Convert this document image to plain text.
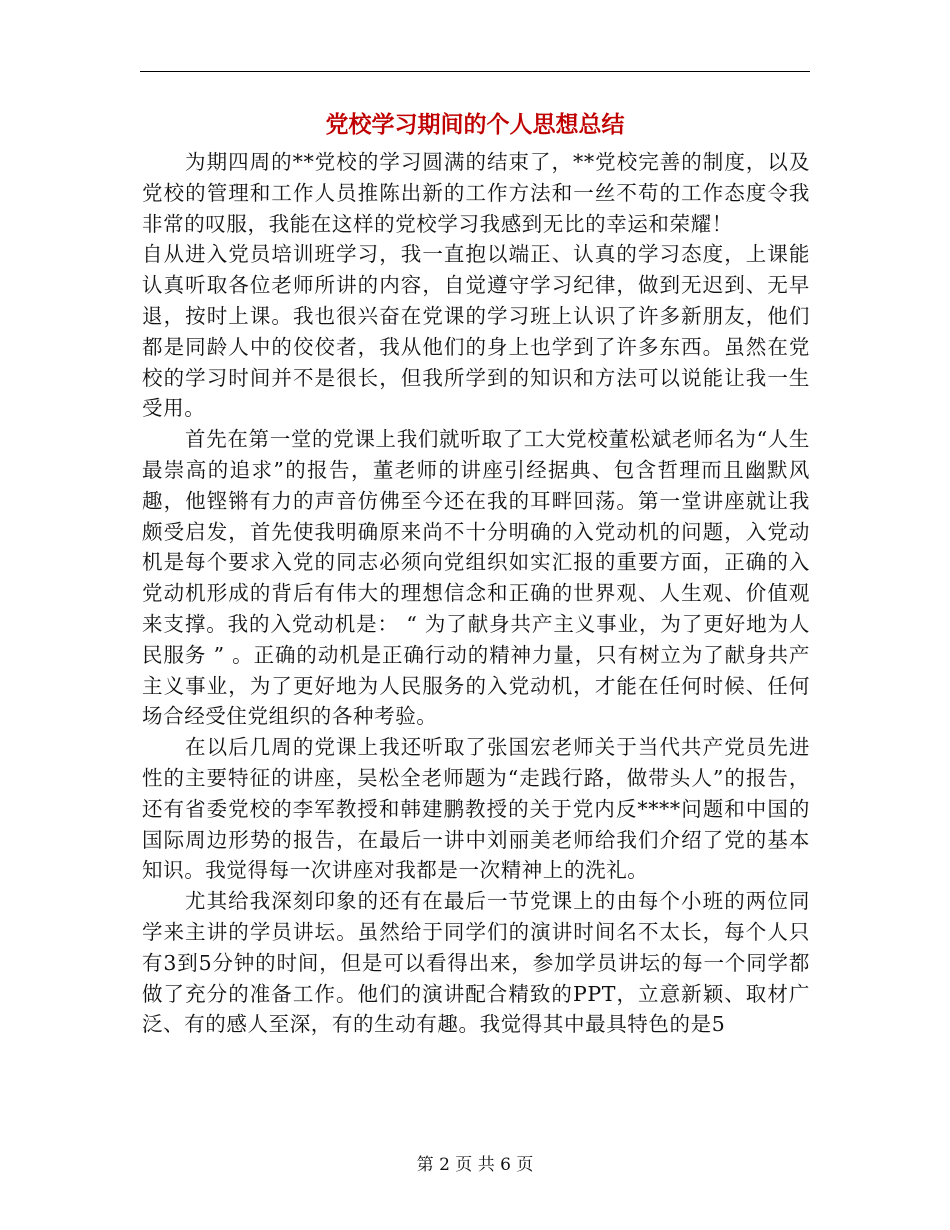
党校学习期间的个人思想总结

为期四周的**党校的学习圆满的结束了，**党校完善的制度，以及党校的管理和工作人员推陈出新的工作方法和一丝不苟的工作态度令我非常的叹服，我能在这样的党校学习我感到无比的幸运和荣耀！

自从进入党员培训班学习，我一直抱以端正、认真的学习态度，上课能认真听取各位老师所讲的内容，自觉遵守学习纪律，做到无迟到、无早退，按时上课。我也很兴奋在党课的学习班上认识了许多新朋友，他们都是同龄人中的佼佼者，我从他们的身上也学到了许多东西。虽然在党校的学习时间并不是很长，但我所学到的知识和方法可以说能让我一生受用。

首先在第一堂的党课上我们就听取了工大党校董松斌老师名为“人生最崇高的追求”的报告，董老师的讲座引经据典、包含哲理而且幽默风趣，他铿锵有力的声音仿佛至今还在我的耳畔回荡。第一堂讲座就让我颇受启发，首先使我明确原来尚不十分明确的入党动机的问题，入党动机是每个要求入党的同志必须向党组织如实汇报的重要方面，正确的入党动机形成的背后有伟大的理想信念和正确的世界观、人生观、价值观来支撑。我的入党动机是： “ 为了献身共产主义事业，为了更好地为人民服务 ” 。正确的动机是正确行动的精神力量，只有树立为了献身共产主义事业，为了更好地为人民服务的入党动机，才能在任何时候、任何场合经受住党组织的各种考验。

在以后几周的党课上我还听取了张国宏老师关于当代共产党员先进性的主要特征的讲座，吴松全老师题为“走践行路，做带头人”的报告，还有省委党校的李军教授和韩建鹏教授的关于党内反****问题和中国的国际周边形势的报告，在最后一讲中刘丽美老师给我们介绍了党的基本知识。我觉得每一次讲座对我都是一次精神上的洗礼。

尤其给我深刻印象的还有在最后一节党课上的由每个小班的两位同学来主讲的学员讲坛。虽然给于同学们的演讲时间名不太长，每个人只有3到5分钟的时间，但是可以看得出来，参加学员讲坛的每一个同学都做了充分的准备工作。他们的演讲配合精致的PPT，立意新颖、取材广泛、有的感人至深，有的生动有趣。我觉得其中最具特色的是5

第 2 页 共 6 页
